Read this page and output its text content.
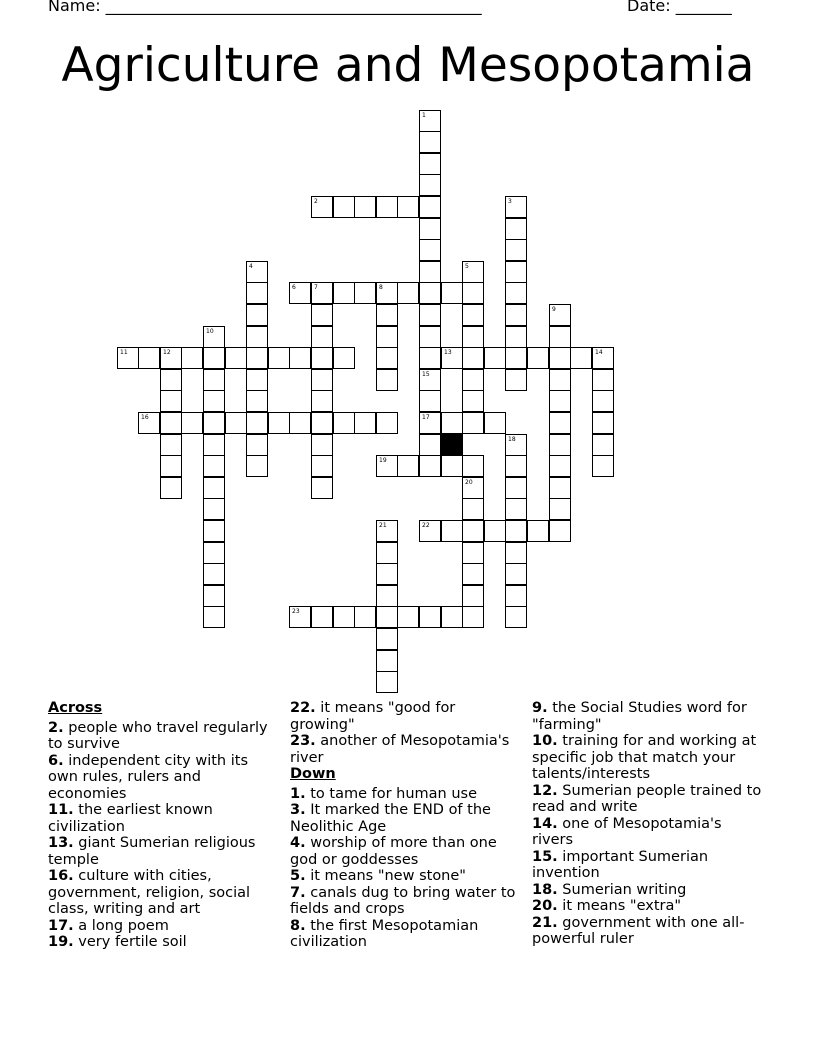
Name: _______________________________________________	Date: _______
Agriculture and Mesopotamia
1
2	3
4	5
6	7	8
9
10
11	12	13	14
15
17
16
18
19
20
21	22
23
Across
2. people who travel regularly to survive
6. independent city with its own rules, rulers and economies
11. the earliest known civilization
13. giant Sumerian religious temple
16. culture with cities, government, religion, social class, writing and art
17. a long poem
19. very fertile soil
22. it means "good for growing"
23. another of Mesopotamia's river
Down
1. to tame for human use
3. It marked the END of the Neolithic Age
4. worship of more than one god or goddesses
5. it means "new stone"
7. canals dug to bring water to fields and crops
8. the first Mesopotamian civilization
9. the Social Studies word for "farming"
10. training for and working at specific job that match your talents/interests
12. Sumerian people trained to read and write
14. one of Mesopotamia's rivers
15. important Sumerian invention
18. Sumerian writing
20. it means "extra"
21. government with one all-powerful ruler
